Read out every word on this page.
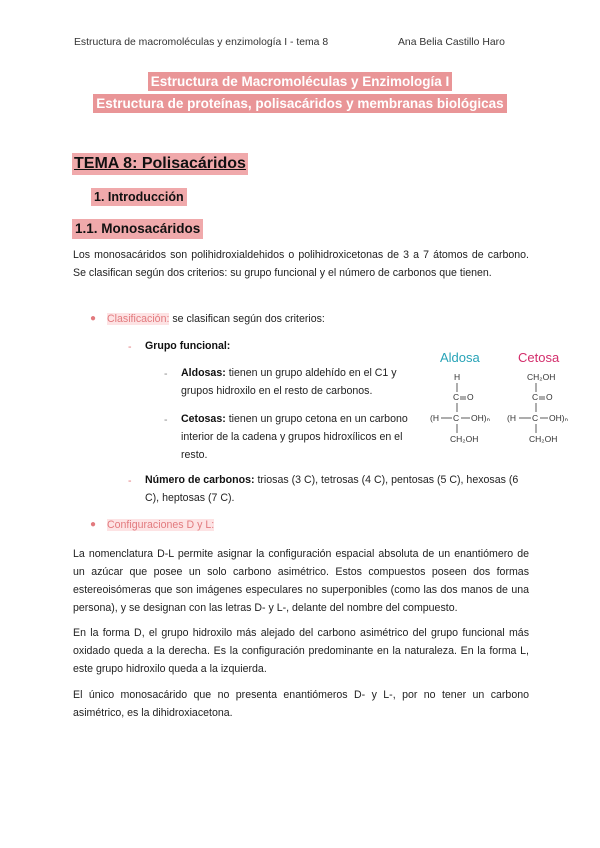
Estructura de macromoléculas y enzimología I - tema 8	Ana Belia Castillo Haro
Estructura de Macromoléculas y Enzimología I
Estructura de proteínas, polisacáridos y membranas biológicas
TEMA 8: Polisacáridos
1. Introducción
1.1. Monosacáridos
Los monosacáridos son polihidroxialdehidos o polihidroxicetonas de 3 a 7 átomos de carbono. Se clasifican según dos criterios: su grupo funcional y el número de carbonos que tienen.
● Clasificación: se clasifican según dos criterios:
- Grupo funcional:
- Aldosas: tienen un grupo aldehído en el C1 y grupos hidroxilo en el resto de carbonos.
- Cetosas: tienen un grupo cetona en un carbono interior de la cadena y grupos hidroxílicos en el resto.
Aldosa	Cetosa
H
C O
(H C OH)ₙ
CH₂OH
CH₂OH
C O
(H C OH)ₙ
CH₂OH
- Número de carbonos: triosas (3 C), tetrosas (4 C), pentosas (5 C), hexosas (6 C), heptosas (7 C).
● Configuraciones D y L:
La nomenclatura D-L permite asignar la configuración espacial absoluta de un enantiómero de un azúcar que posee un solo carbono asimétrico. Estos compuestos poseen dos formas estereoisómeras que son imágenes especulares no superponibles (como las dos manos de una persona), y se designan con las letras D- y L-, delante del nombre del compuesto.
En la forma D, el grupo hidroxilo más alejado del carbono asimétrico del grupo funcional más oxidado queda a la derecha. Es la configuración predominante en la naturaleza. En la forma L, este grupo hidroxilo queda a la izquierda.
El único monosacárido que no presenta enantiómeros D- y L-, por no tener un carbono asimétrico, es la dihidroxiacetona.
